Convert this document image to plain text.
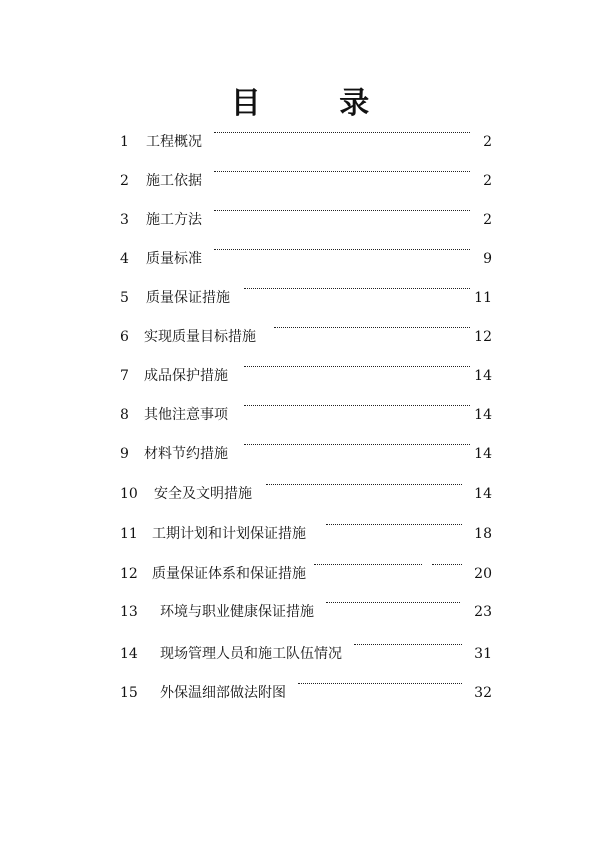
目 录
1 工程概况	2
2 施工依据	2
3 施工方法	2
4 质量标准	9
5 质量保证措施	11
6 实现质量目标措施	12
7 成品保护措施	14
8 其他注意事项	14
9 材料节约措施	14
10 安全及文明措施	14
11 工期计划和计划保证措施	18
12 质量保证体系和保证措施	20
13 环境与职业健康保证措施	23
14 现场管理人员和施工队伍情况	31
15 外保温细部做法附图	32
